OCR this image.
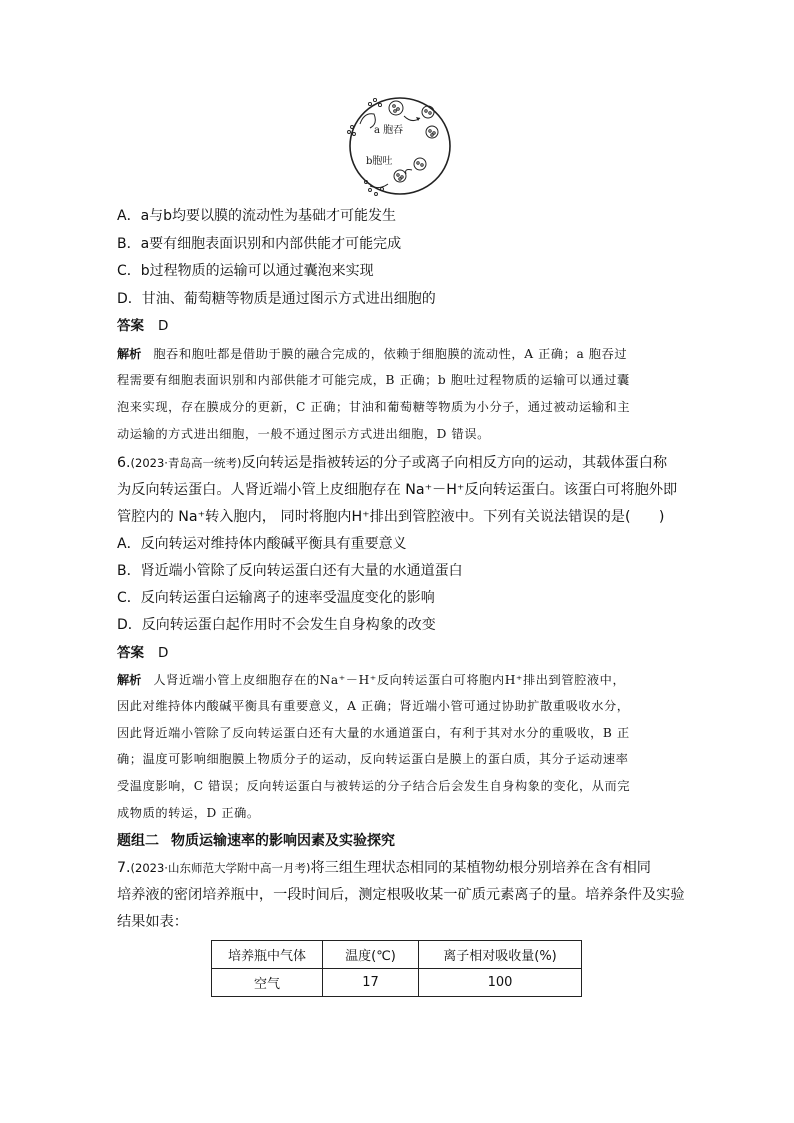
a 胞吞
b胞吐
A．a与b均要以膜的流动性为基础才可能发生
B．a要有细胞表面识别和内部供能才可能完成
C．b过程物质的运输可以通过囊泡来实现
D．甘油、葡萄糖等物质是通过图示方式进出细胞的
答案 D
解析 胞吞和胞吐都是借助于膜的融合完成的，依赖于细胞膜的流动性，A 正确；a 胞吞过
程需要有细胞表面识别和内部供能才可能完成，B 正确；b 胞吐过程物质的运输可以通过囊
泡来实现，存在膜成分的更新，C 正确；甘油和葡萄糖等物质为小分子，通过被动运输和主
动运输的方式进出细胞，一般不通过图示方式进出细胞，D 错误。
6.(2023·青岛高一统考)反向转运是指被转运的分子或离子向相反方向的运动，其载体蛋白称
为反向转运蛋白。人肾近端小管上皮细胞存在 Na⁺－H⁺反向转运蛋白。该蛋白可将胞外即
管腔内的 Na⁺转入胞内， 同时将胞内H⁺排出到管腔液中。下列有关说法错误的是(　　)
A．反向转运对维持体内酸碱平衡具有重要意义
B．肾近端小管除了反向转运蛋白还有大量的水通道蛋白
C．反向转运蛋白运输离子的速率受温度变化的影响
D．反向转运蛋白起作用时不会发生自身构象的改变
答案 D
解析 人肾近端小管上皮细胞存在的Na⁺－H⁺反向转运蛋白可将胞内H⁺排出到管腔液中，
因此对维持体内酸碱平衡具有重要意义，A 正确；肾近端小管可通过协助扩散重吸收水分，
因此肾近端小管除了反向转运蛋白还有大量的水通道蛋白，有利于其对水分的重吸收，B 正
确；温度可影响细胞膜上物质分子的运动，反向转运蛋白是膜上的蛋白质，其分子运动速率
受温度影响，C 错误；反向转运蛋白与被转运的分子结合后会发生自身构象的变化，从而完
成物质的转运，D 正确。
题组二 物质运输速率的影响因素及实验探究
7.(2023·山东师范大学附中高一月考)将三组生理状态相同的某植物幼根分别培养在含有相同
培养液的密闭培养瓶中，一段时间后，测定根吸收某一矿质元素离子的量。培养条件及实验
结果如表：
培养瓶中气体	温度(℃)	离子相对吸收量(%)
空气	17	100
